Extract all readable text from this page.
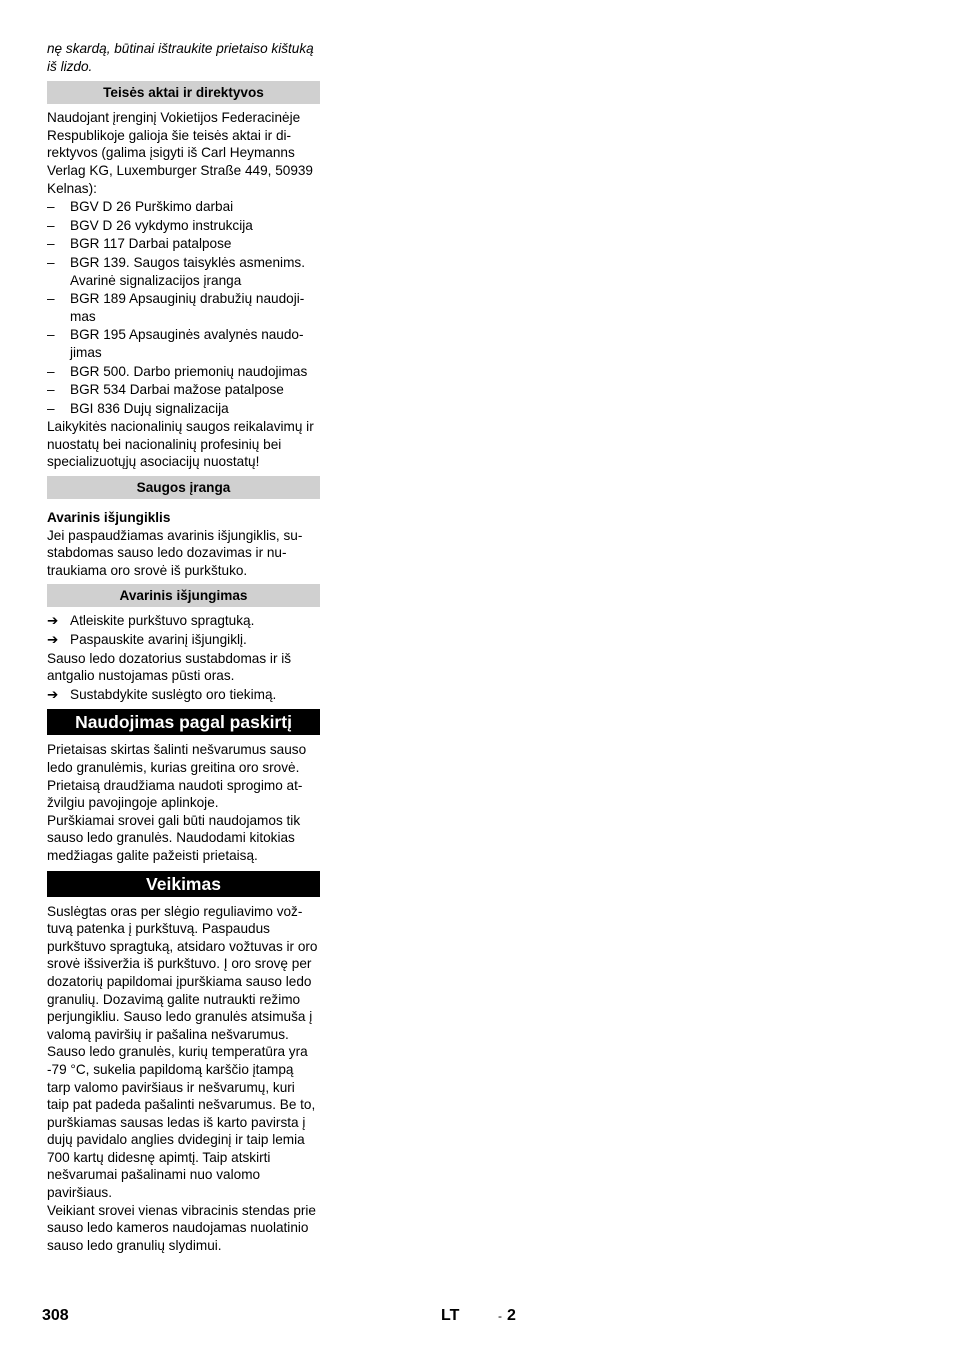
nę skardą, būtinai ištraukite prietaiso kištuką iš lizdo.

Teisės aktai ir direktyvos

Naudojant įrenginį Vokietijos Federacinėje Respublikoje galioja šie teisės aktai ir direktyvos (galima įsigyti iš Carl Heymanns Verlag KG, Luxemburger Straße 449, 50939 Kelnas):

– BGV D 26 Purškimo darbai
– BGV D 26 vykdymo instrukcija
– BGR 117 Darbai patalpose
– BGR 139. Saugos taisyklės asmenims. Avarinė signalizacijos įranga
– BGR 189 Apsauginių drabužių naudojimas
– BGR 195 Apsauginės avalynės naudojimas
– BGR 500. Darbo priemonių naudojimas
– BGR 534 Darbai mažose patalpose
– BGI 836 Dujų signalizacija

Laikykitės nacionalinių saugos reikalavimų ir nuostatų bei nacionalinių profesinių bei specializuotųjų asociacijų nuostatų!

Saugos įranga

Avarinis išjungiklis

Jei paspaudžiamas avarinis išjungiklis, sustabdomas sauso ledo dozavimas ir nutraukiama oro srovė iš purkštuko.

Avarinis išjungimas
➔ Atleiskite purkštuvo spragtuką.
➔ Paspauskite avarinį išjungiklį.

Sauso ledo dozatorius sustabdomas ir iš antgalio nustojamas pūsti oras.

➔ Sustabdykite suslėgto oro tiekimą.
Naudojimas pagal paskirtį

Prietaisas skirtas šalinti nešvarumus sauso ledo granulėmis, kurias greitina oro srovė. Prietaisą draudžiama naudoti sprogimo atžvilgiu pavojingoje aplinkoje.

Purškiamai srovei gali būti naudojamos tik sauso ledo granulės. Naudodami kitokias medžiagas galite pažeisti prietaisą.

Veikimas

Suslėgtas oras per slėgio reguliavimo vožtuvą patenka į purkštuvą. Paspaudus purkštuvo spragtuką, atsidaro vožtuvas ir oro srovė išsiveržia iš purkštuvo. Į oro srovę per dozatorių papildomai įpurškiama sauso ledo granulių. Dozavimą galite nutraukti režimo perjungikliu. Sauso ledo granulės atsimuša į valomą paviršių ir pašalina nešvarumus. Sauso ledo granulės, kurių temperatūra yra -79 °C, sukelia papildomą karščio įtampą tarp valomo paviršiaus ir nešvarumų, kuri taip pat padeda pašalinti nešvarumus. Be to, purškiamas sausas ledas iš karto pavirsta į dujų pavidalo anglies dvideginį ir taip lemia 700 kartų didesnę apimtį. Taip atskirti nešvarumai pašalinami nuo valomo paviršiaus.

Veikiant srovei vienas vibracinis stendas prie sauso ledo kameros naudojamas nuolatinio sauso ledo granulių slydimui.

308	LT	- 2
